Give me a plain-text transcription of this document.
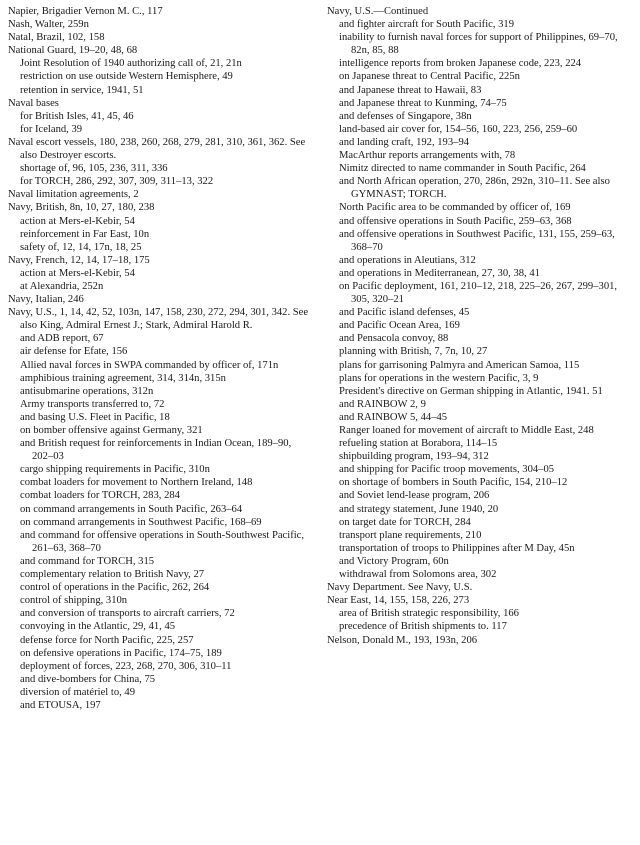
Napier, Brigadier Vernon M. C., 117
Nash, Walter, 259n
Natal, Brazil, 102, 158
National Guard, 19–20, 48, 68
Joint Resolution of 1940 authorizing call of, 21, 21n
restriction on use outside Western Hemisphere, 49
retention in service, 1941, 51
Naval bases
for British Isles, 41, 45, 46
for Iceland, 39
Naval escort vessels, 180, 238, 260, 268, 279, 281, 310, 361, 362. See also Destroyer escorts.
shortage of, 96, 105, 236, 311, 336
for TORCH, 286, 292, 307, 309, 311–13, 322
Naval limitation agreements, 2
Navy, British, 8n, 10, 27, 180, 238
action at Mers-el-Kebir, 54
reinforcement in Far East, 10n
safety of, 12, 14, 17n, 18, 25
Navy, French, 12, 14, 17–18, 175
action at Mers-el-Kebir, 54
at Alexandria, 252n
Navy, Italian, 246
Navy, U.S., 1, 14, 42, 52, 103n, 147, 158, 230, 272, 294, 301, 342. See also King, Admiral Ernest J.; Stark, Admiral Harold R.
and ADB report, 67
air defense for Efate, 156
Allied naval forces in SWPA commanded by officer of, 171n
amphibious training agreement, 314, 314n, 315n
antisubmarine operations, 312n
Army transports transferred to, 72
and basing U.S. Fleet in Pacific, 18
on bomber offensive against Germany, 321
and British request for reinforcements in Indian Ocean, 189–90, 202–03
cargo shipping requirements in Pacific, 310n
combat loaders for movement to Northern Ireland, 148
combat loaders for TORCH, 283, 284
on command arrangements in South Pacific, 263–64
on command arrangements in Southwest Pacific, 168–69
and command for offensive operations in South-Southwest Pacific, 261–63, 368–70
and command for TORCH, 315
complementary relation to British Navy, 27
control of operations in the Pacific, 262, 264
control of shipping, 310n
and conversion of transports to aircraft carriers, 72
convoying in the Atlantic, 29, 41, 45
defense force for North Pacific, 225, 257
on defensive operations in Pacific, 174–75, 189
deployment of forces, 223, 268, 270, 306, 310–11
and dive-bombers for China, 75
diversion of matériel to, 49
and ETOUSA, 197
Navy, U.S.—Continued
and fighter aircraft for South Pacific, 319
inability to furnish naval forces for support of Philippines, 69–70, 82n, 85, 88
intelligence reports from broken Japanese code, 223, 224
on Japanese threat to Central Pacific, 225n
and Japanese threat to Hawaii, 83
and Japanese threat to Kunming, 74–75
and defenses of Singapore, 38n
land-based air cover for, 154–56, 160, 223, 256, 259–60
and landing craft, 192, 193–94
MacArthur reports arrangements with, 78
Nimitz directed to name commander in South Pacific, 264
and North African operation, 270, 286n, 292n, 310–11. See also GYMNAST; TORCH.
North Pacific area to be commanded by officer of, 169
and offensive operations in South Pacific, 259–63, 368
and offensive operations in Southwest Pacific, 131, 155, 259–63, 368–70
and operations in Aleutians, 312
and operations in Mediterranean, 27, 30, 38, 41
on Pacific deployment, 161, 210–12, 218, 225–26, 267, 299–301, 305, 320–21
and Pacific island defenses, 45
and Pacific Ocean Area, 169
and Pensacola convoy, 88
planning with British, 7, 7n, 10, 27
plans for garrisoning Palmyra and American Samoa, 115
plans for operations in the western Pacific, 3, 9
President's directive on German shipping in Atlantic, 1941. 51
and RAINBOW 2, 9
and RAINBOW 5, 44–45
Ranger loaned for movement of aircraft to Middle East, 248
refueling station at Borabora, 114–15
shipbuilding program, 193–94, 312
and shipping for Pacific troop movements, 304–05
on shortage of bombers in South Pacific, 154, 210–12
and Soviet lend-lease program, 206
and strategy statement, June 1940, 20
on target date for TORCH, 284
transport plane requirements, 210
transportation of troops to Philippines after M Day, 45n
and Victory Program, 60n
withdrawal from Solomons area, 302
Navy Department. See Navy, U.S.
Near East, 14, 155, 158, 226, 273
area of British strategic responsibility, 166
precedence of British shipments to. 117
Nelson, Donald M., 193, 193n, 206
